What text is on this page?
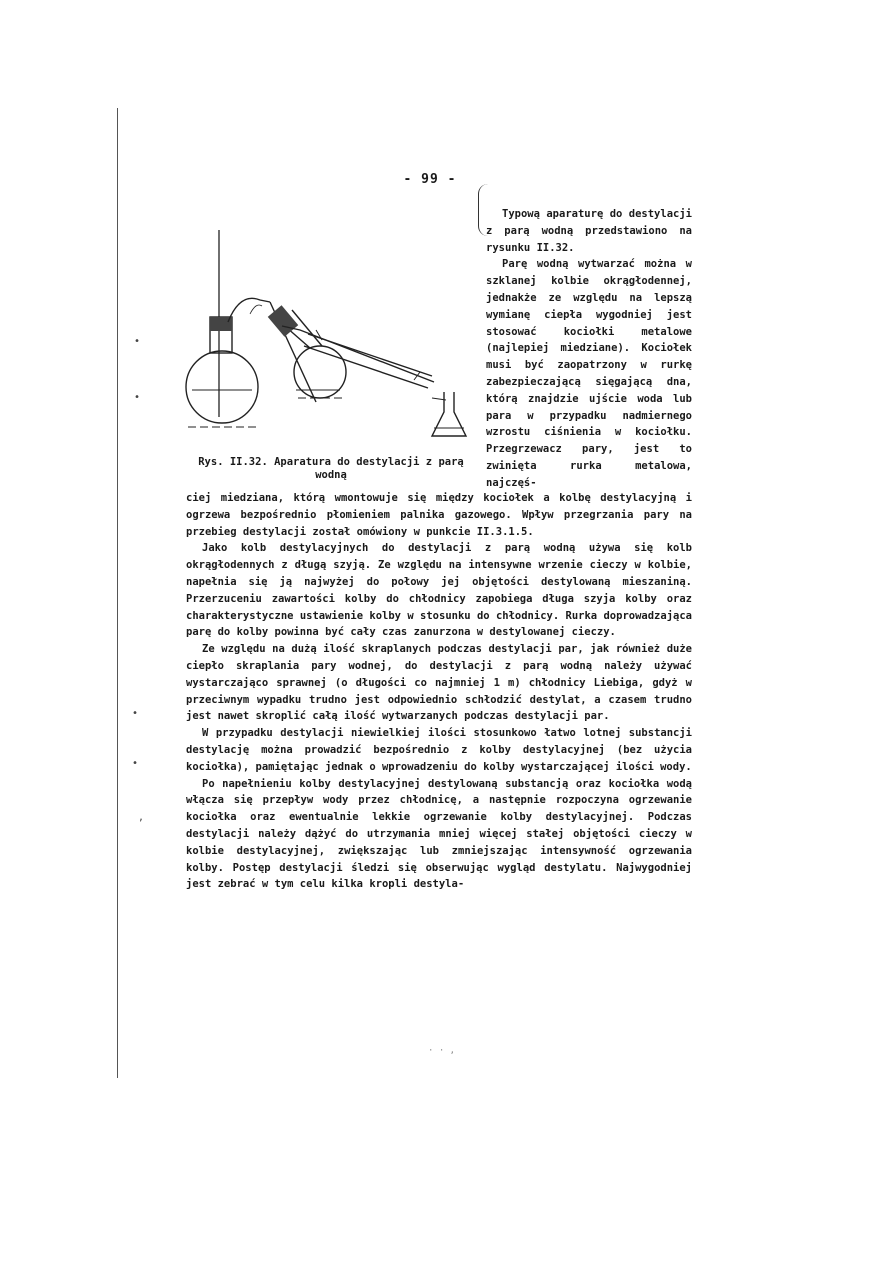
•
•
•
•
,
- 99 -
Rys. II.32. Aparatura do destylacji z parą wodną

Typową aparaturę do destylacji z parą wodną przedstawiono na rysunku II.32.

Parę wodną wytwarzać można w szklanej kolbie okrągłodennej, jednakże ze względu na lepszą wymianę ciepła wygodniej jest stosować kociołki metalowe (najlepiej miedziane). Kociołek musi być zaopatrzony w rurkę zabezpieczającą sięgającą dna, którą znajdzie ujście woda lub para w przypadku nadmiernego wzrostu ciśnienia w kociołku. Przegrzewacz pary, jest to zwinięta rurka metalowa, najczęś-

ciej miedziana, którą wmontowuje się między kociołek a kolbę destylacyjną i ogrzewa bezpośrednio płomieniem palnika gazowego. Wpływ przegrzania pary na przebieg destylacji został omówiony w punkcie II.3.1.5.

Jako kolb destylacyjnych do destylacji z parą wodną używa się kolb okrągłodennych z długą szyją. Ze względu na intensywne wrzenie cieczy w kolbie, napełnia się ją najwyżej do połowy jej objętości destylowaną mieszaniną. Przerzuceniu zawartości kolby do chłodnicy zapobiega długa szyja kolby oraz charakterystyczne ustawienie kolby w stosunku do chłodnicy. Rurka doprowadzająca parę do kolby powinna być cały czas zanurzona w destylowanej cieczy.

Ze względu na dużą ilość skraplanych podczas destylacji par, jak również duże ciepło skraplania pary wodnej, do destylacji z parą wodną należy używać wystarczająco sprawnej (o długości co najmniej 1 m) chłodnicy Liebiga, gdyż w przeciwnym wypadku trudno jest odpowiednio schłodzić destylat, a czasem trudno jest nawet skroplić całą ilość wytwarzanych podczas destylacji par.

W przypadku destylacji niewielkiej ilości stosunkowo łatwo lotnej substancji destylację można prowadzić bezpośrednio z kolby destylacyjnej (bez użycia kociołka), pamiętając jednak o wprowadzeniu do kolby wystarczającej ilości wody.

Po napełnieniu kolby destylacyjnej destylowaną substancją oraz kociołka wodą włącza się przepływ wody przez chłodnicę, a następnie rozpoczyna ogrzewanie kociołka oraz ewentualnie lekkie ogrzewanie kolby destylacyjnej. Podczas destylacji należy dążyć do utrzymania mniej więcej stałej objętości cieczy w kolbie destylacyjnej, zwiększając lub zmniejszając intensywność ogrzewania kolby. Postęp destylacji śledzi się obserwując wygląd destylatu. Najwygodniej jest zebrać w tym celu kilka kropli destyla-

· · ,
